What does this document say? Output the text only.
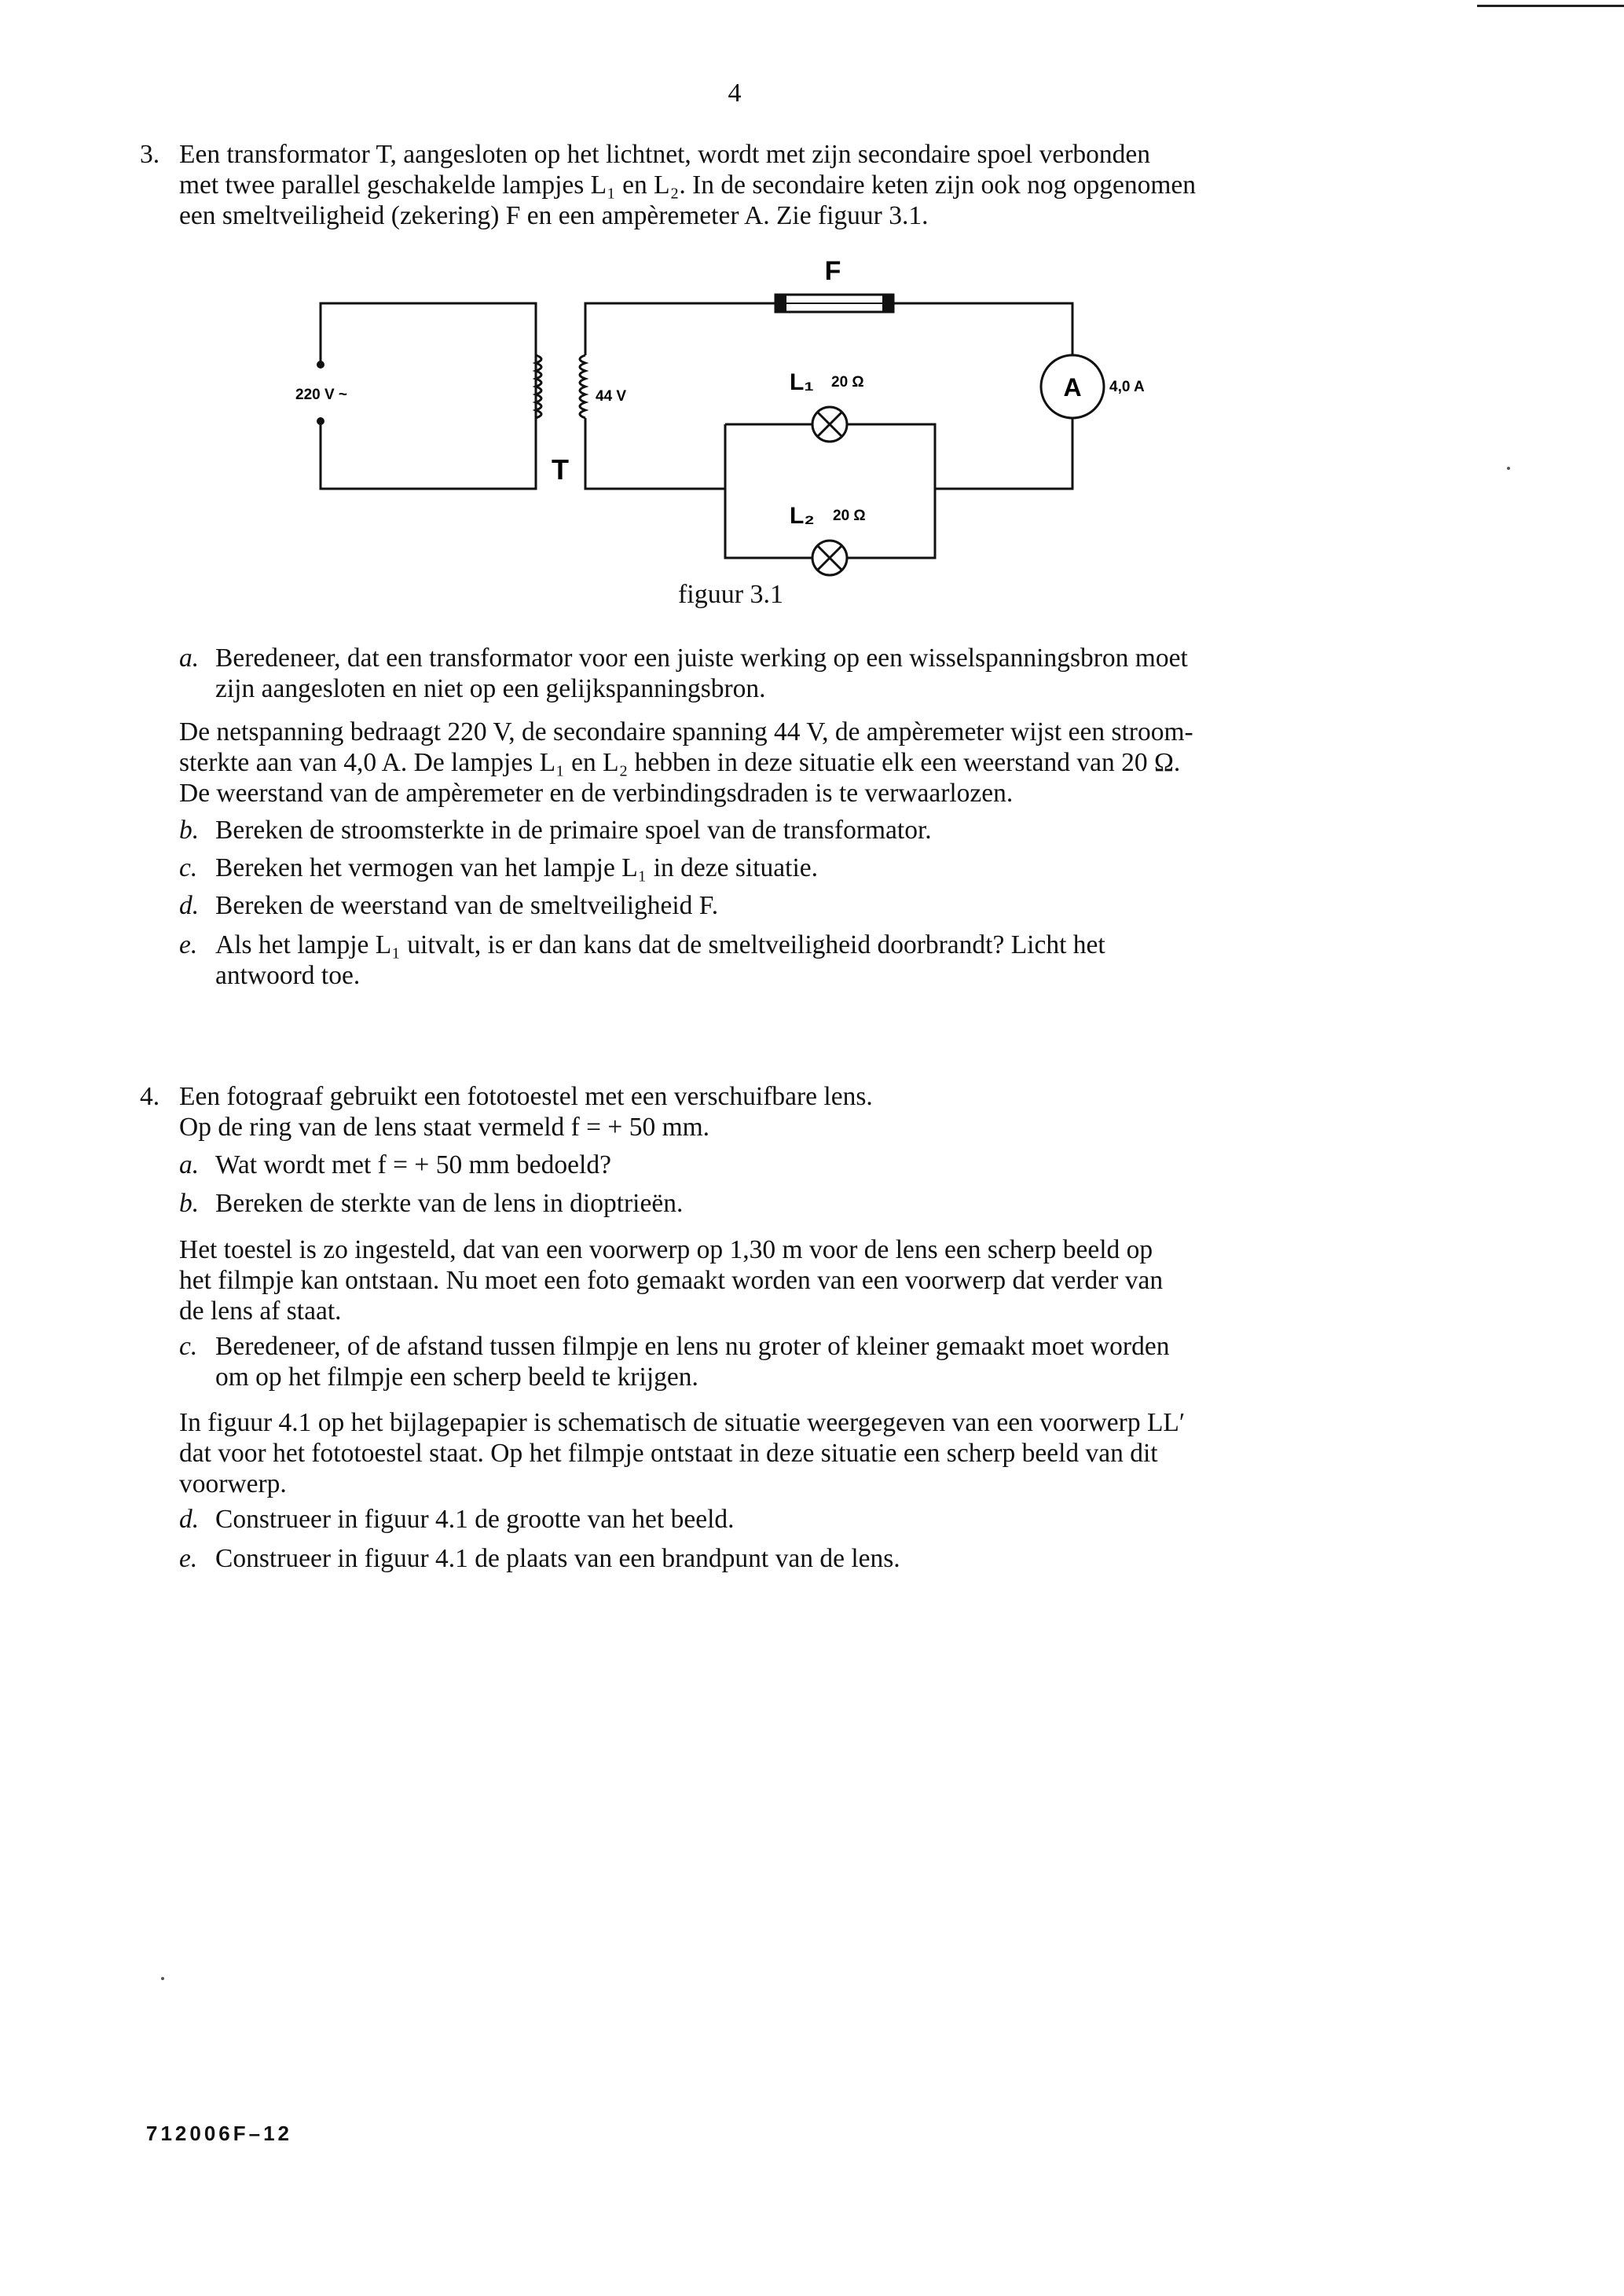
4
3. Een transformator T, aangesloten op het lichtnet, wordt met zijn secondaire spoel verbonden
met twee parallel geschakelde lampjes L₁ en L₂. In de secondaire keten zijn ook nog opgenomen
een smeltveiligheid (zekering) F en een ampèremeter A. Zie figuur 3.1.
F
220 V ~	44 V
T
L₁ 20 Ω
L₂ 20 Ω
A 4,0 A
figuur 3.1
a. Beredeneer, dat een transformator voor een juiste werking op een wisselspanningsbron moet
zijn aangesloten en niet op een gelijkspanningsbron.
De netspanning bedraagt 220 V, de secondaire spanning 44 V, de ampèremeter wijst een stroom-
sterkte aan van 4,0 A. De lampjes L₁ en L₂ hebben in deze situatie elk een weerstand van 20 Ω.
De weerstand van de ampèremeter en de verbindingsdraden is te verwaarlozen.
b. Bereken de stroomsterkte in de primaire spoel van de transformator.
c. Bereken het vermogen van het lampje L₁ in deze situatie.
d. Bereken de weerstand van de smeltveiligheid F.
e. Als het lampje L₁ uitvalt, is er dan kans dat de smeltveiligheid doorbrandt? Licht het
antwoord toe.
4. Een fotograaf gebruikt een fototoestel met een verschuifbare lens.
Op de ring van de lens staat vermeld f = + 50 mm.
a. Wat wordt met f = + 50 mm bedoeld?
b. Bereken de sterkte van de lens in dioptrieën.
Het toestel is zo ingesteld, dat van een voorwerp op 1,30 m voor de lens een scherp beeld op
het filmpje kan ontstaan. Nu moet een foto gemaakt worden van een voorwerp dat verder van
de lens af staat.
c. Beredeneer, of de afstand tussen filmpje en lens nu groter of kleiner gemaakt moet worden
om op het filmpje een scherp beeld te krijgen.
In figuur 4.1 op het bijlagepapier is schematisch de situatie weergegeven van een voorwerp LL′
dat voor het fototoestel staat. Op het filmpje ontstaat in deze situatie een scherp beeld van dit
voorwerp.
d. Construeer in figuur 4.1 de grootte van het beeld.
e. Construeer in figuur 4.1 de plaats van een brandpunt van de lens.
712006F–12
